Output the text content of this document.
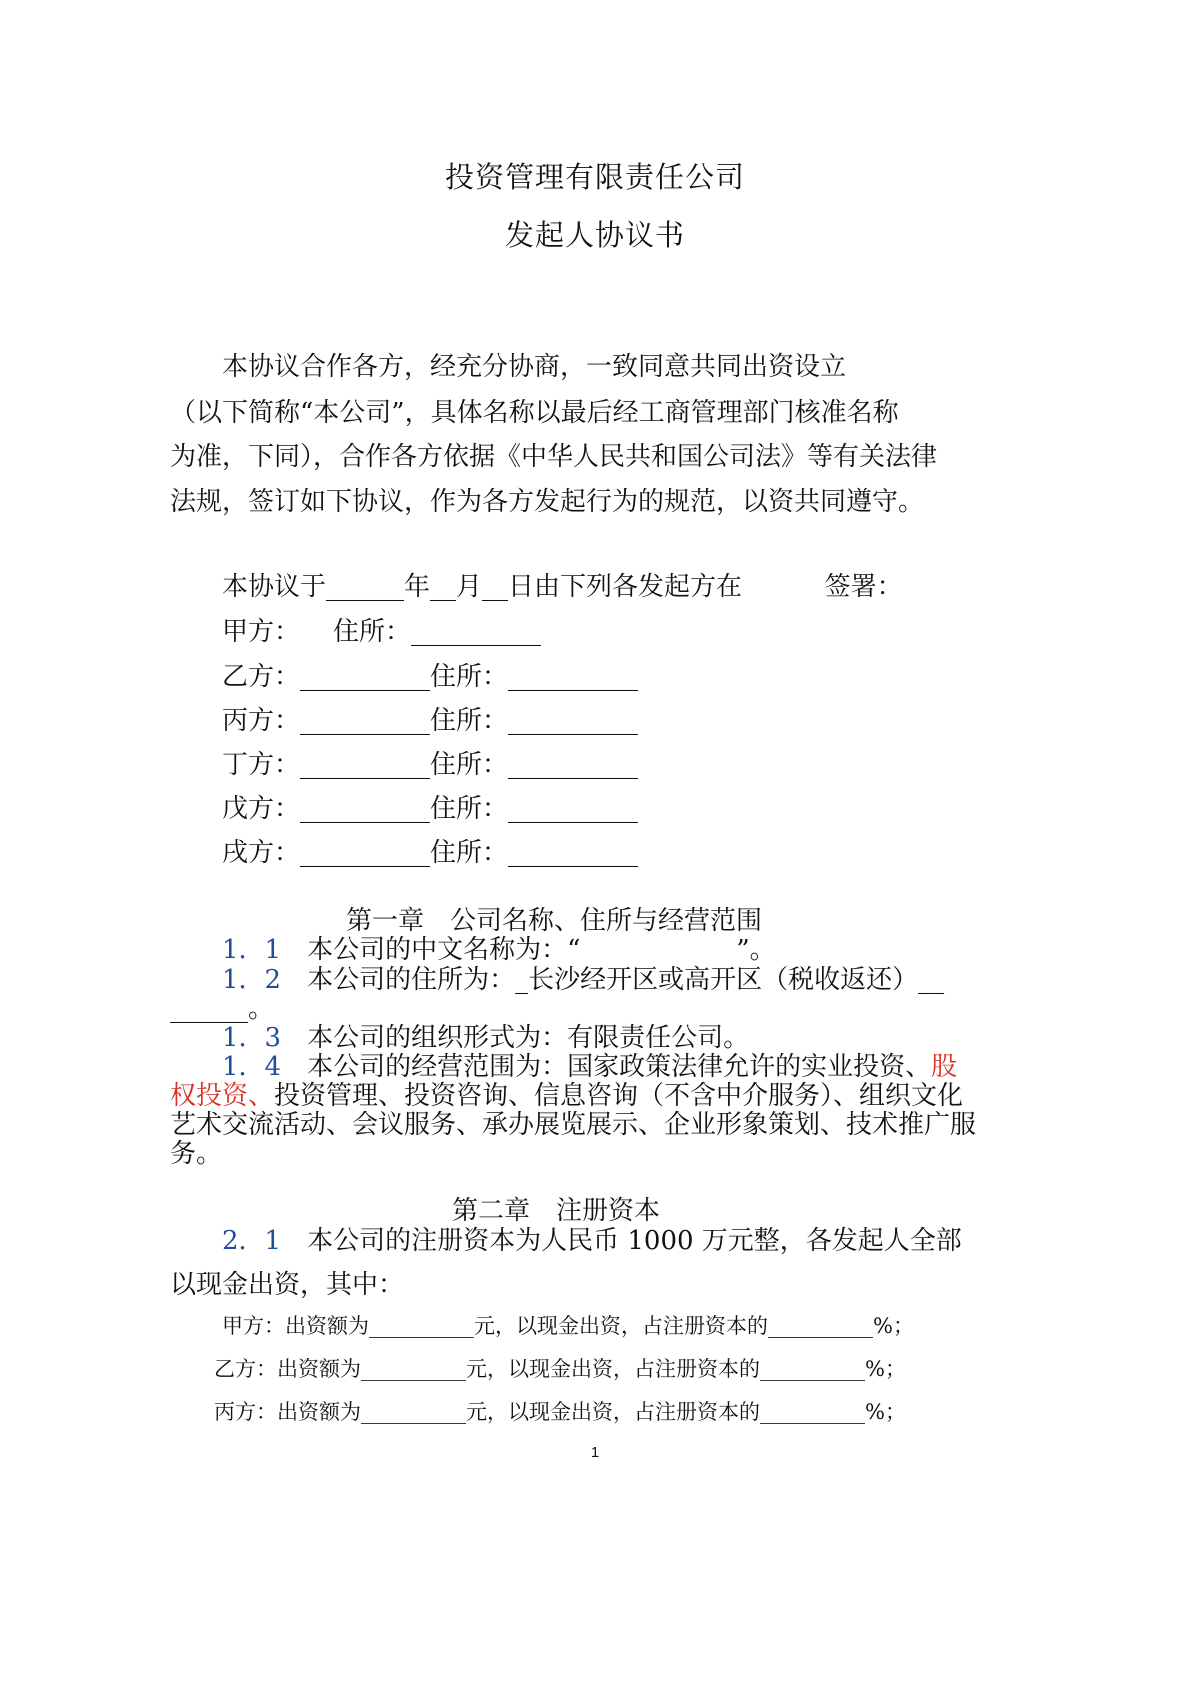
投资管理有限责任公司
发起人协议书
本协议合作各方，经充分协商，一致同意共同出资设立
（以下简称“本公司”，具体名称以最后经工商管理部门核准名称
为准，下同），合作各方依据《中华人民共和国公司法》等有关法律
法规，签订如下协议，作为各方发起行为的规范，以资共同遵守。
本协议于______年__月__日由下列各发起方在          签署：
甲方：    住所：__________
乙方：__________住所：__________
丙方：__________住所：__________
丁方：__________住所：__________
戊方：__________住所：__________
戌方：__________住所：__________
第一章　公司名称、住所与经营范围
1．1　本公司的中文名称为：“　　　　　　”。
1．2　本公司的住所为：_长沙经开区或高开区（税收返还）__
______。
1．3　本公司的组织形式为：有限责任公司。
1．4　本公司的经营范围为：国家政策法律允许的实业投资、股
权投资、投资管理、投资咨询、信息咨询（不含中介服务）、组织文化
艺术交流活动、会议服务、承办展览展示、企业形象策划、技术推广服
务。
第二章　注册资本
2．1　本公司的注册资本为人民币 1000 万元整，各发起人全部
以现金出资，其中：
甲方：出资额为__________元，以现金出资，占注册资本的__________%；
乙方：出资额为__________元，以现金出资，占注册资本的__________%；
丙方：出资额为__________元，以现金出资，占注册资本的__________%；
1
